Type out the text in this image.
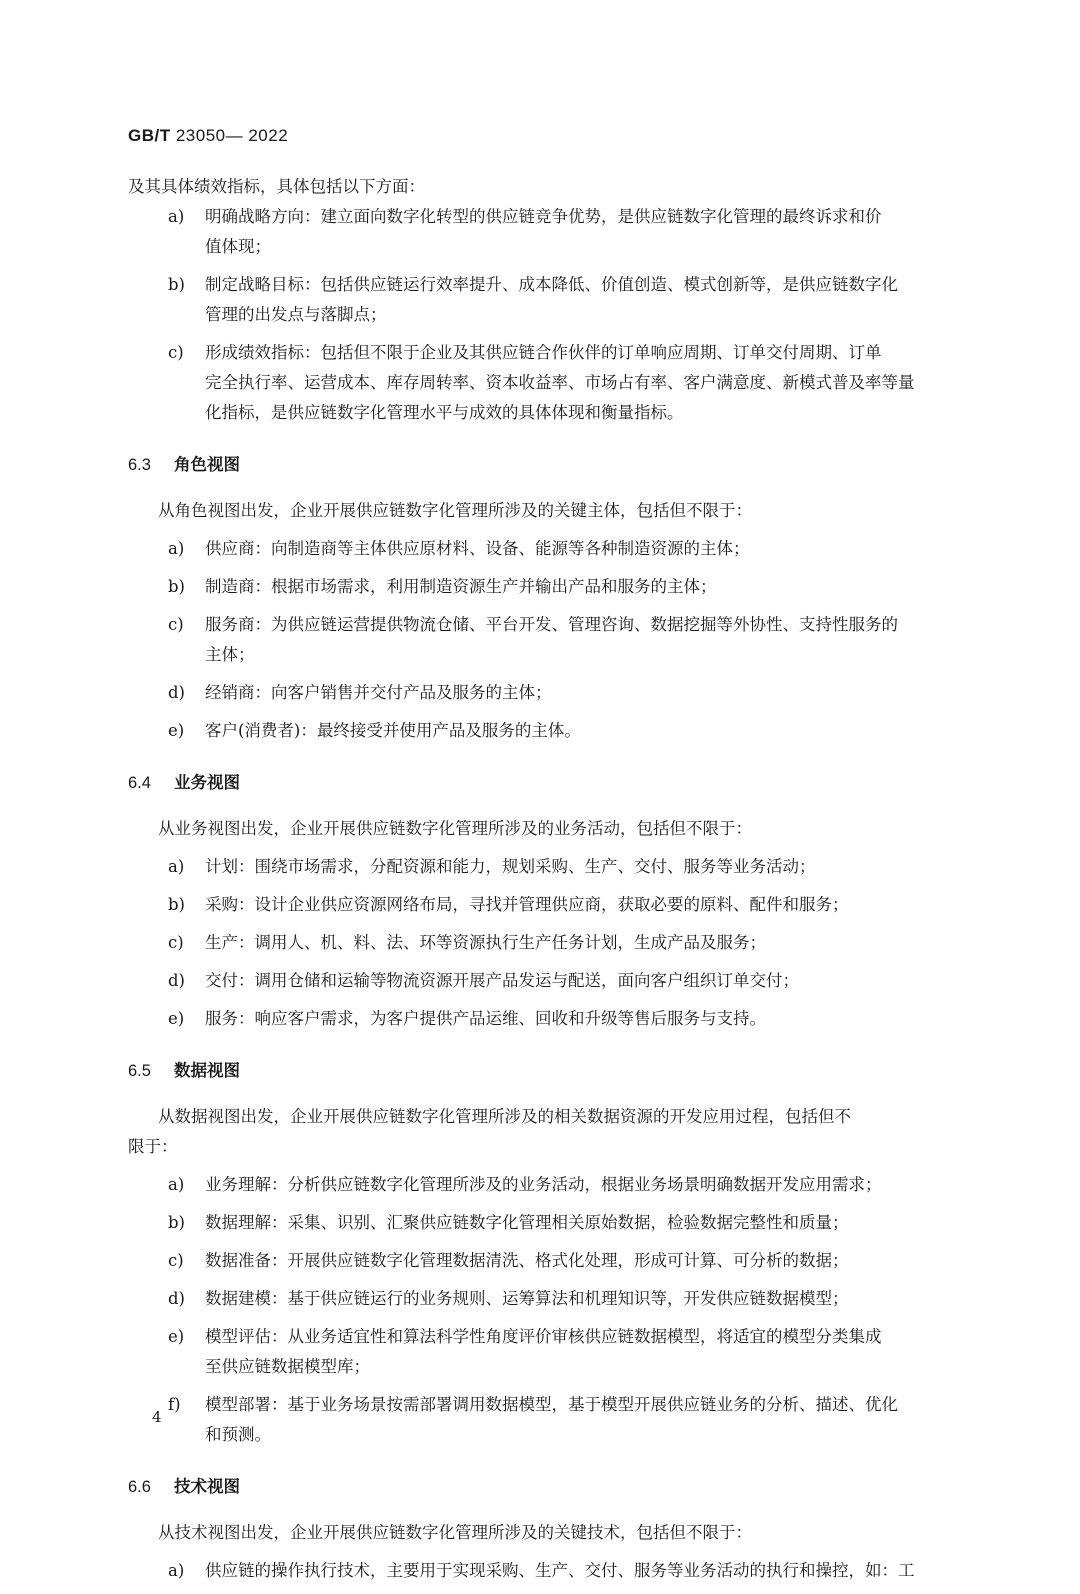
GB/T 23050— 2022
及其具体绩效指标，具体包括以下方面：
a) 明确战略方向：建立面向数字化转型的供应链竞争优势，是供应链数字化管理的最终诉求和价
值体现；
b) 制定战略目标：包括供应链运行效率提升、成本降低、价值创造、模式创新等，是供应链数字化
管理的出发点与落脚点；
c) 形成绩效指标：包括但不限于企业及其供应链合作伙伴的订单响应周期、订单交付周期、订单
完全执行率、运营成本、库存周转率、资本收益率、市场占有率、客户满意度、新模式普及率等量
化指标，是供应链数字化管理水平与成效的具体体现和衡量指标。
6.3 角色视图
从角色视图出发，企业开展供应链数字化管理所涉及的关键主体，包括但不限于：
a) 供应商：向制造商等主体供应原材料、设备、能源等各种制造资源的主体；
b) 制造商：根据市场需求，利用制造资源生产并输出产品和服务的主体；
c) 服务商：为供应链运营提供物流仓储、平台开发、管理咨询、数据挖掘等外协性、支持性服务的
主体；
d) 经销商：向客户销售并交付产品及服务的主体；
e) 客户(消费者)：最终接受并使用产品及服务的主体。
6.4 业务视图
从业务视图出发，企业开展供应链数字化管理所涉及的业务活动，包括但不限于：
a) 计划：围绕市场需求，分配资源和能力，规划采购、生产、交付、服务等业务活动；
b) 采购：设计企业供应资源网络布局，寻找并管理供应商，获取必要的原料、配件和服务；
c) 生产：调用人、机、料、法、环等资源执行生产任务计划，生成产品及服务；
d) 交付：调用仓储和运输等物流资源开展产品发运与配送，面向客户组织订单交付；
e) 服务：响应客户需求，为客户提供产品运维、回收和升级等售后服务与支持。
6.5 数据视图
从数据视图出发，企业开展供应链数字化管理所涉及的相关数据资源的开发应用过程，包括但不
限于：
a) 业务理解：分析供应链数字化管理所涉及的业务活动，根据业务场景明确数据开发应用需求；
b) 数据理解：采集、识别、汇聚供应链数字化管理相关原始数据，检验数据完整性和质量；
c) 数据准备：开展供应链数字化管理数据清洗、格式化处理，形成可计算、可分析的数据；
d) 数据建模：基于供应链运行的业务规则、运筹算法和机理知识等，开发供应链数据模型；
e) 模型评估：从业务适宜性和算法科学性角度评价审核供应链数据模型，将适宜的模型分类集成
至供应链数据模型库；
f) 模型部署：基于业务场景按需部署调用数据模型，基于模型开展供应链业务的分析、描述、优化
和预测。
6.6 技术视图
从技术视图出发，企业开展供应链数字化管理所涉及的关键技术，包括但不限于：
a) 供应链的操作执行技术，主要用于实现采购、生产、交付、服务等业务活动的执行和操控，如：工
4
